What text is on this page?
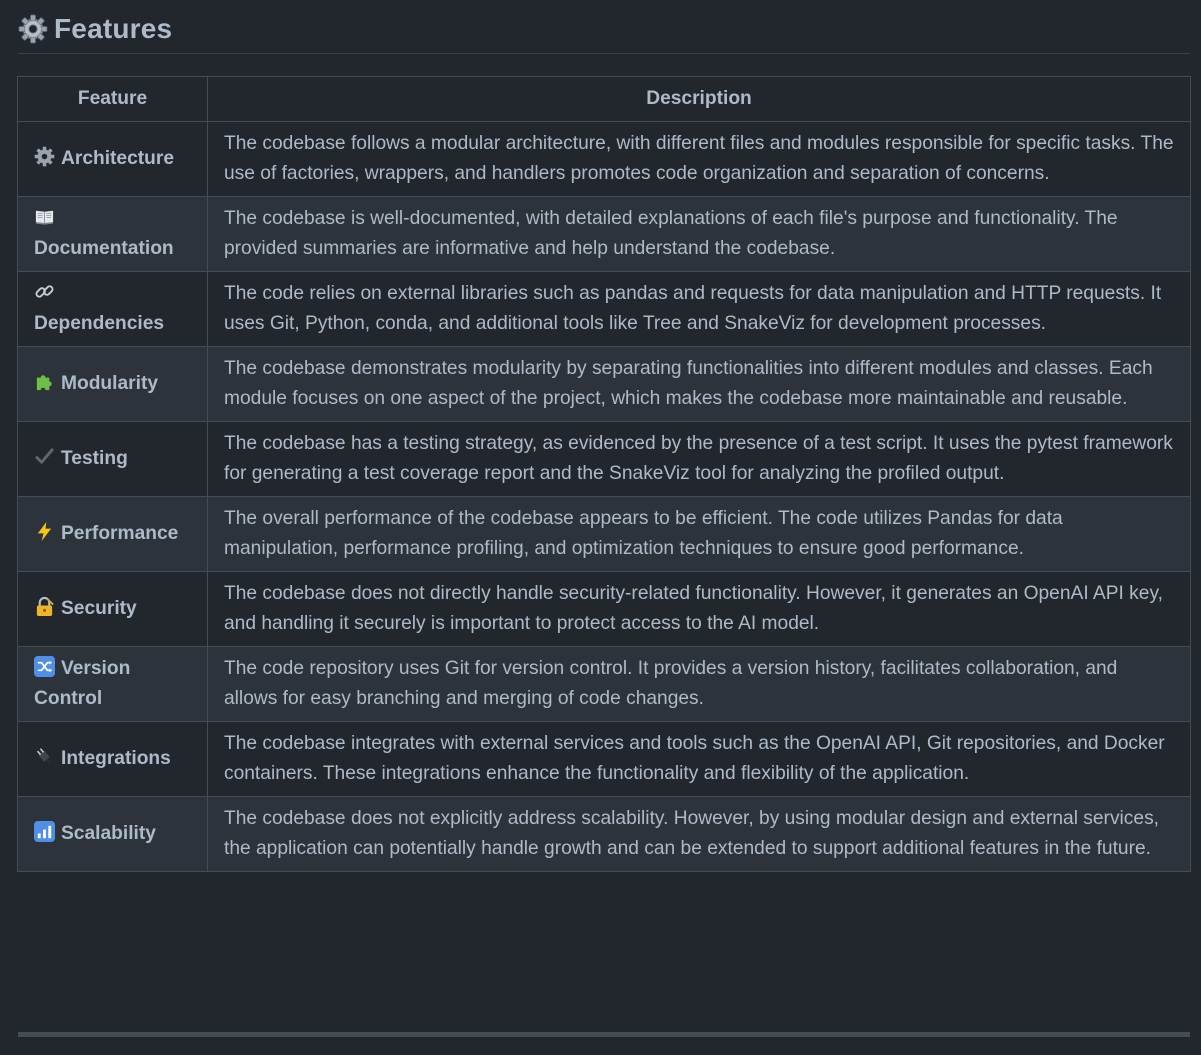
Features
Feature	Description
Architecture	The codebase follows a modular architecture, with different files and modules responsible for specific tasks. The use of factories, wrappers, and handlers promotes code organization and separation of concerns.

Documentation	The codebase is well-documented, with detailed explanations of each file's purpose and functionality. The provided summaries are informative and help understand the codebase.

Dependencies	The code relies on external libraries such as pandas and requests for data manipulation and HTTP requests. It uses Git, Python, conda, and additional tools like Tree and SnakeViz for development processes.
Modularity	The codebase demonstrates modularity by separating functionalities into different modules and classes. Each module focuses on one aspect of the project, which makes the codebase more maintainable and reusable.
Testing	The codebase has a testing strategy, as evidenced by the presence of a test script. It uses the pytest framework for generating a test coverage report and the SnakeViz tool for analyzing the profiled output.
Performance	The overall performance of the codebase appears to be efficient. The code utilizes Pandas for data manipulation, performance profiling, and optimization techniques to ensure good performance.
Security	The codebase does not directly handle security-related functionality. However, it generates an OpenAI API key, and handling it securely is important to protect access to the AI model.
Version Control	The code repository uses Git for version control. It provides a version history, facilitates collaboration, and allows for easy branching and merging of code changes.
Integrations	The codebase integrates with external services and tools such as the OpenAI API, Git repositories, and Docker containers. These integrations enhance the functionality and flexibility of the application.
Scalability	The codebase does not explicitly address scalability. However, by using modular design and external services, the application can potentially handle growth and can be extended to support additional features in the future.
